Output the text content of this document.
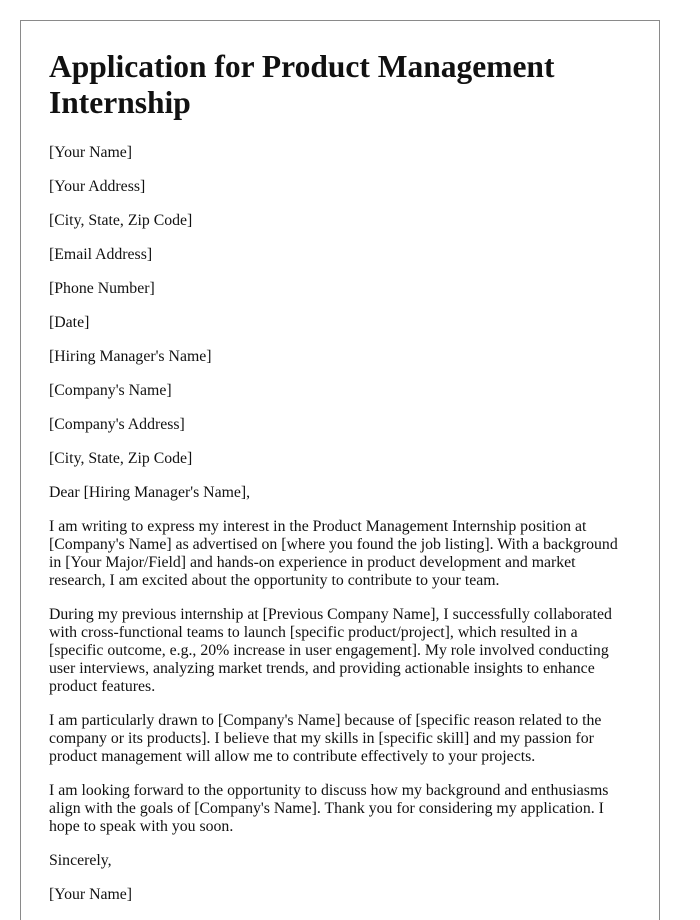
Application for Product Management Internship
[Your Name]
[Your Address]
[City, State, Zip Code]
[Email Address]
[Phone Number]
[Date]
[Hiring Manager's Name]
[Company's Name]
[Company's Address]
[City, State, Zip Code]
Dear [Hiring Manager's Name],

I am writing to express my interest in the Product Management Internship position at [Company's Name] as advertised on [where you found the job listing]. With a background in [Your Major/Field] and hands-on experience in product development and market research, I am excited about the opportunity to contribute to your team.

During my previous internship at [Previous Company Name], I successfully collaborated with cross-functional teams to launch [specific product/project], which resulted in a [specific outcome, e.g., 20% increase in user engagement]. My role involved conducting user interviews, analyzing market trends, and providing actionable insights to enhance product features.

I am particularly drawn to [Company's Name] because of [specific reason related to the company or its products]. I believe that my skills in [specific skill] and my passion for product management will allow me to contribute effectively to your projects.

I am looking forward to the opportunity to discuss how my background and enthusiasms align with the goals of [Company's Name]. Thank you for considering my application. I hope to speak with you soon.

Sincerely,
[Your Name]
